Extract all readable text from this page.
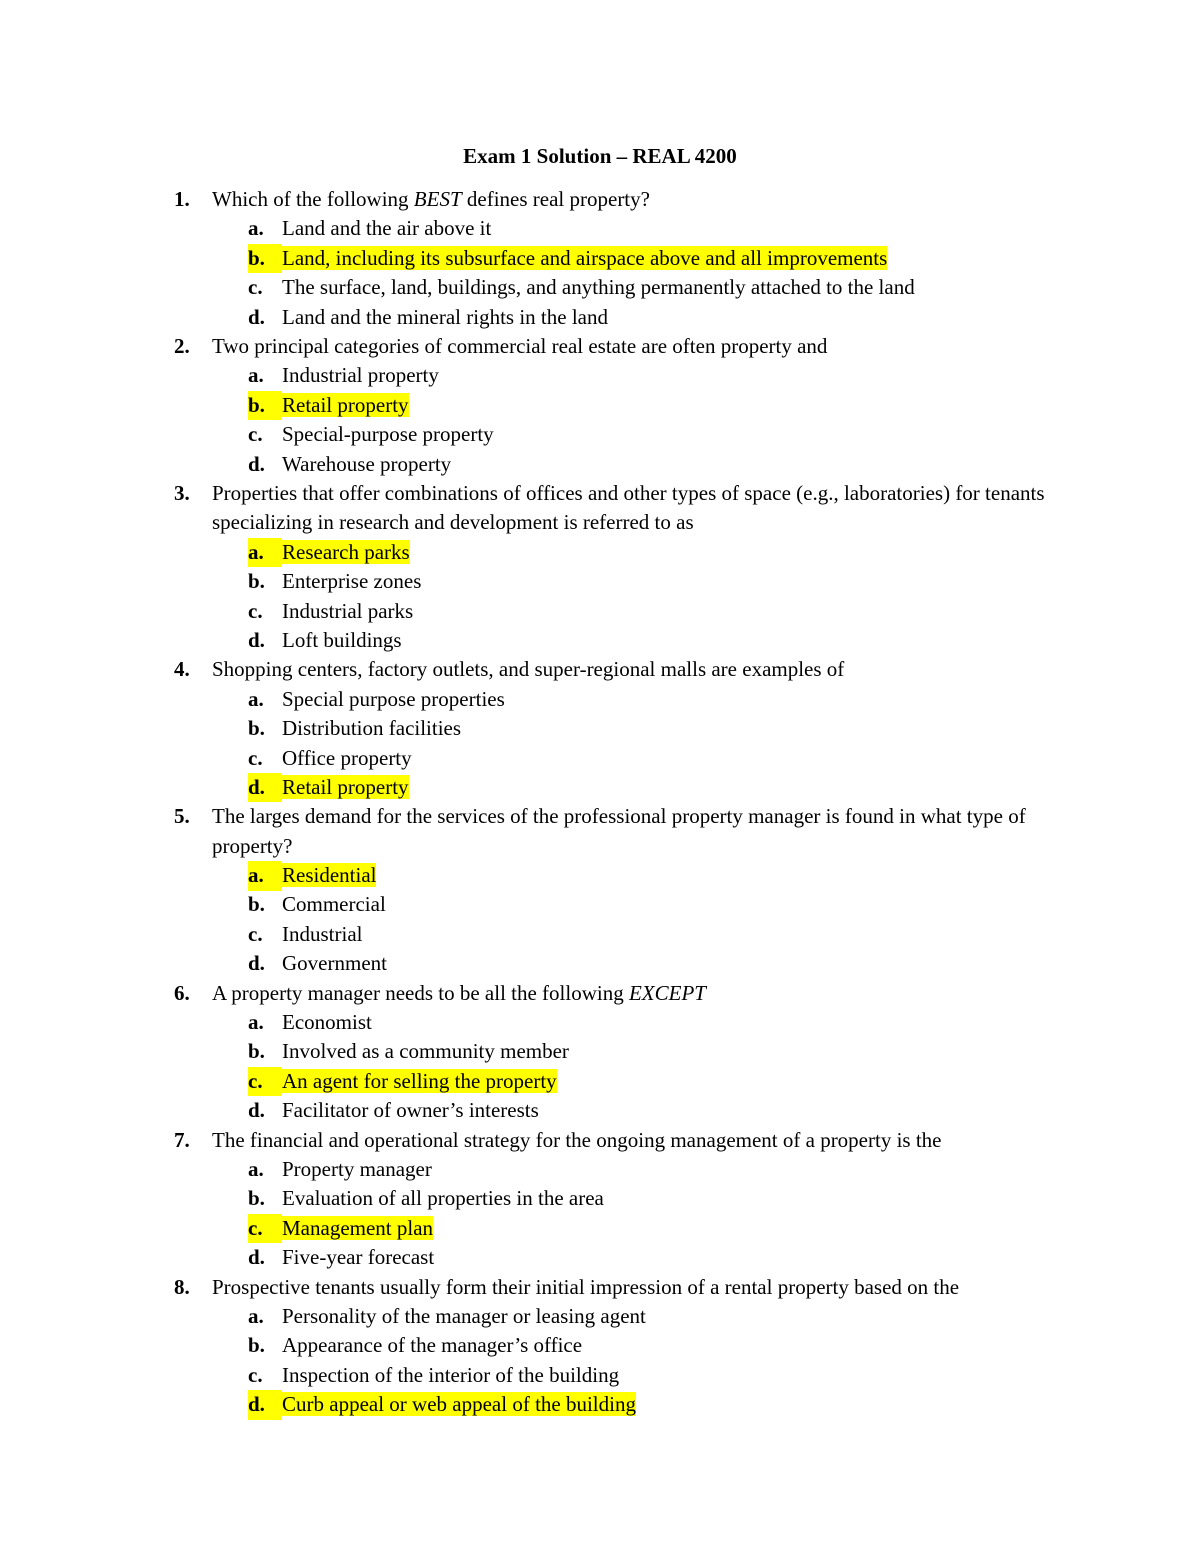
Exam 1 Solution – REAL 4200
1.	Which of the following BEST defines real property?
a. Land and the air above it
b. Land, including its subsurface and airspace above and all improvements
c. The surface, land, buildings, and anything permanently attached to the land
d. Land and the mineral rights in the land
2.	Two principal categories of commercial real estate are often property and
a. Industrial property
b. Retail property
c. Special-purpose property
d. Warehouse property
3.	Properties that offer combinations of offices and other types of space (e.g., laboratories) for tenants specializing in research and development is referred to as
a. Research parks
b. Enterprise zones
c. Industrial parks
d. Loft buildings
4.	Shopping centers, factory outlets, and super-regional malls are examples of
a. Special purpose properties
b. Distribution facilities
c. Office property
d. Retail property
5.	The larges demand for the services of the professional property manager is found in what type of property?
a. Residential
b. Commercial
c. Industrial
d. Government
6.	A property manager needs to be all the following EXCEPT
a. Economist
b. Involved as a community member
c. An agent for selling the property
d. Facilitator of owner’s interests
7.	The financial and operational strategy for the ongoing management of a property is the
a. Property manager
b. Evaluation of all properties in the area
c. Management plan
d. Five-year forecast
8.	Prospective tenants usually form their initial impression of a rental property based on the
a. Personality of the manager or leasing agent
b. Appearance of the manager’s office
c. Inspection of the interior of the building
d. Curb appeal or web appeal of the building
